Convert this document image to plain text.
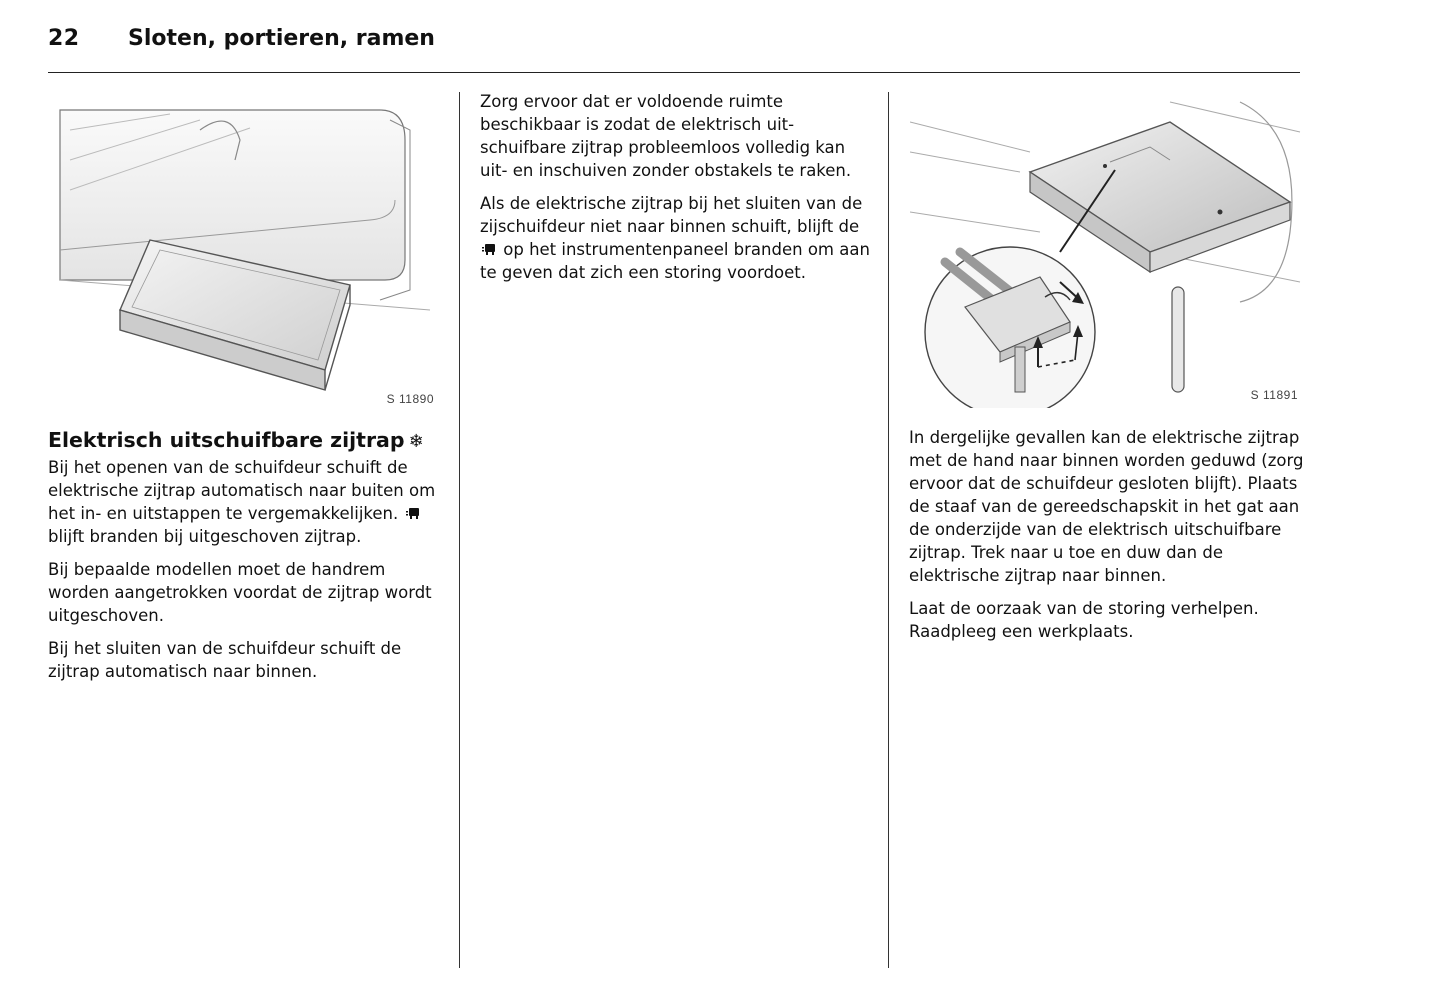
22 Sloten, portieren, ramen
S 11890	S 11891
Elektrisch uitschuifbare zijtrap ❄

Bij het openen van de schuifdeur schuift de elektrische zijtrap automatisch naar buiten om het in- en uitstappen te vergemakkelijken.  blijft branden bij uitgeschoven zijtrap.

Bij bepaalde modellen moet de handrem worden aangetrokken voordat de zijtrap wordt uitgeschoven.

Bij het sluiten van de schuifdeur schuift de zijtrap automatisch naar binnen.

Zorg ervoor dat er voldoende ruimte beschikbaar is zodat de elektrisch uitschuifbare zijtrap probleemloos volledig kan uit- en inschuiven zonder obstakels te raken.

Als de elektrische zijtrap bij het sluiten van de zijschuifdeur niet naar binnen schuift, blijft de  op het instrumentenpaneel branden om aan te geven dat zich een storing voordoet.

In dergelijke gevallen kan de elektrische zijtrap met de hand naar binnen worden geduwd (zorg ervoor dat de schuifdeur gesloten blijft). Plaats de staaf van de gereedschapskit in het gat aan de onderzijde van de elektrisch uitschuifbare zijtrap. Trek naar u toe en duw dan de elektrische zijtrap naar binnen.

Laat de oorzaak van de storing verhelpen. Raadpleeg een werkplaats.
